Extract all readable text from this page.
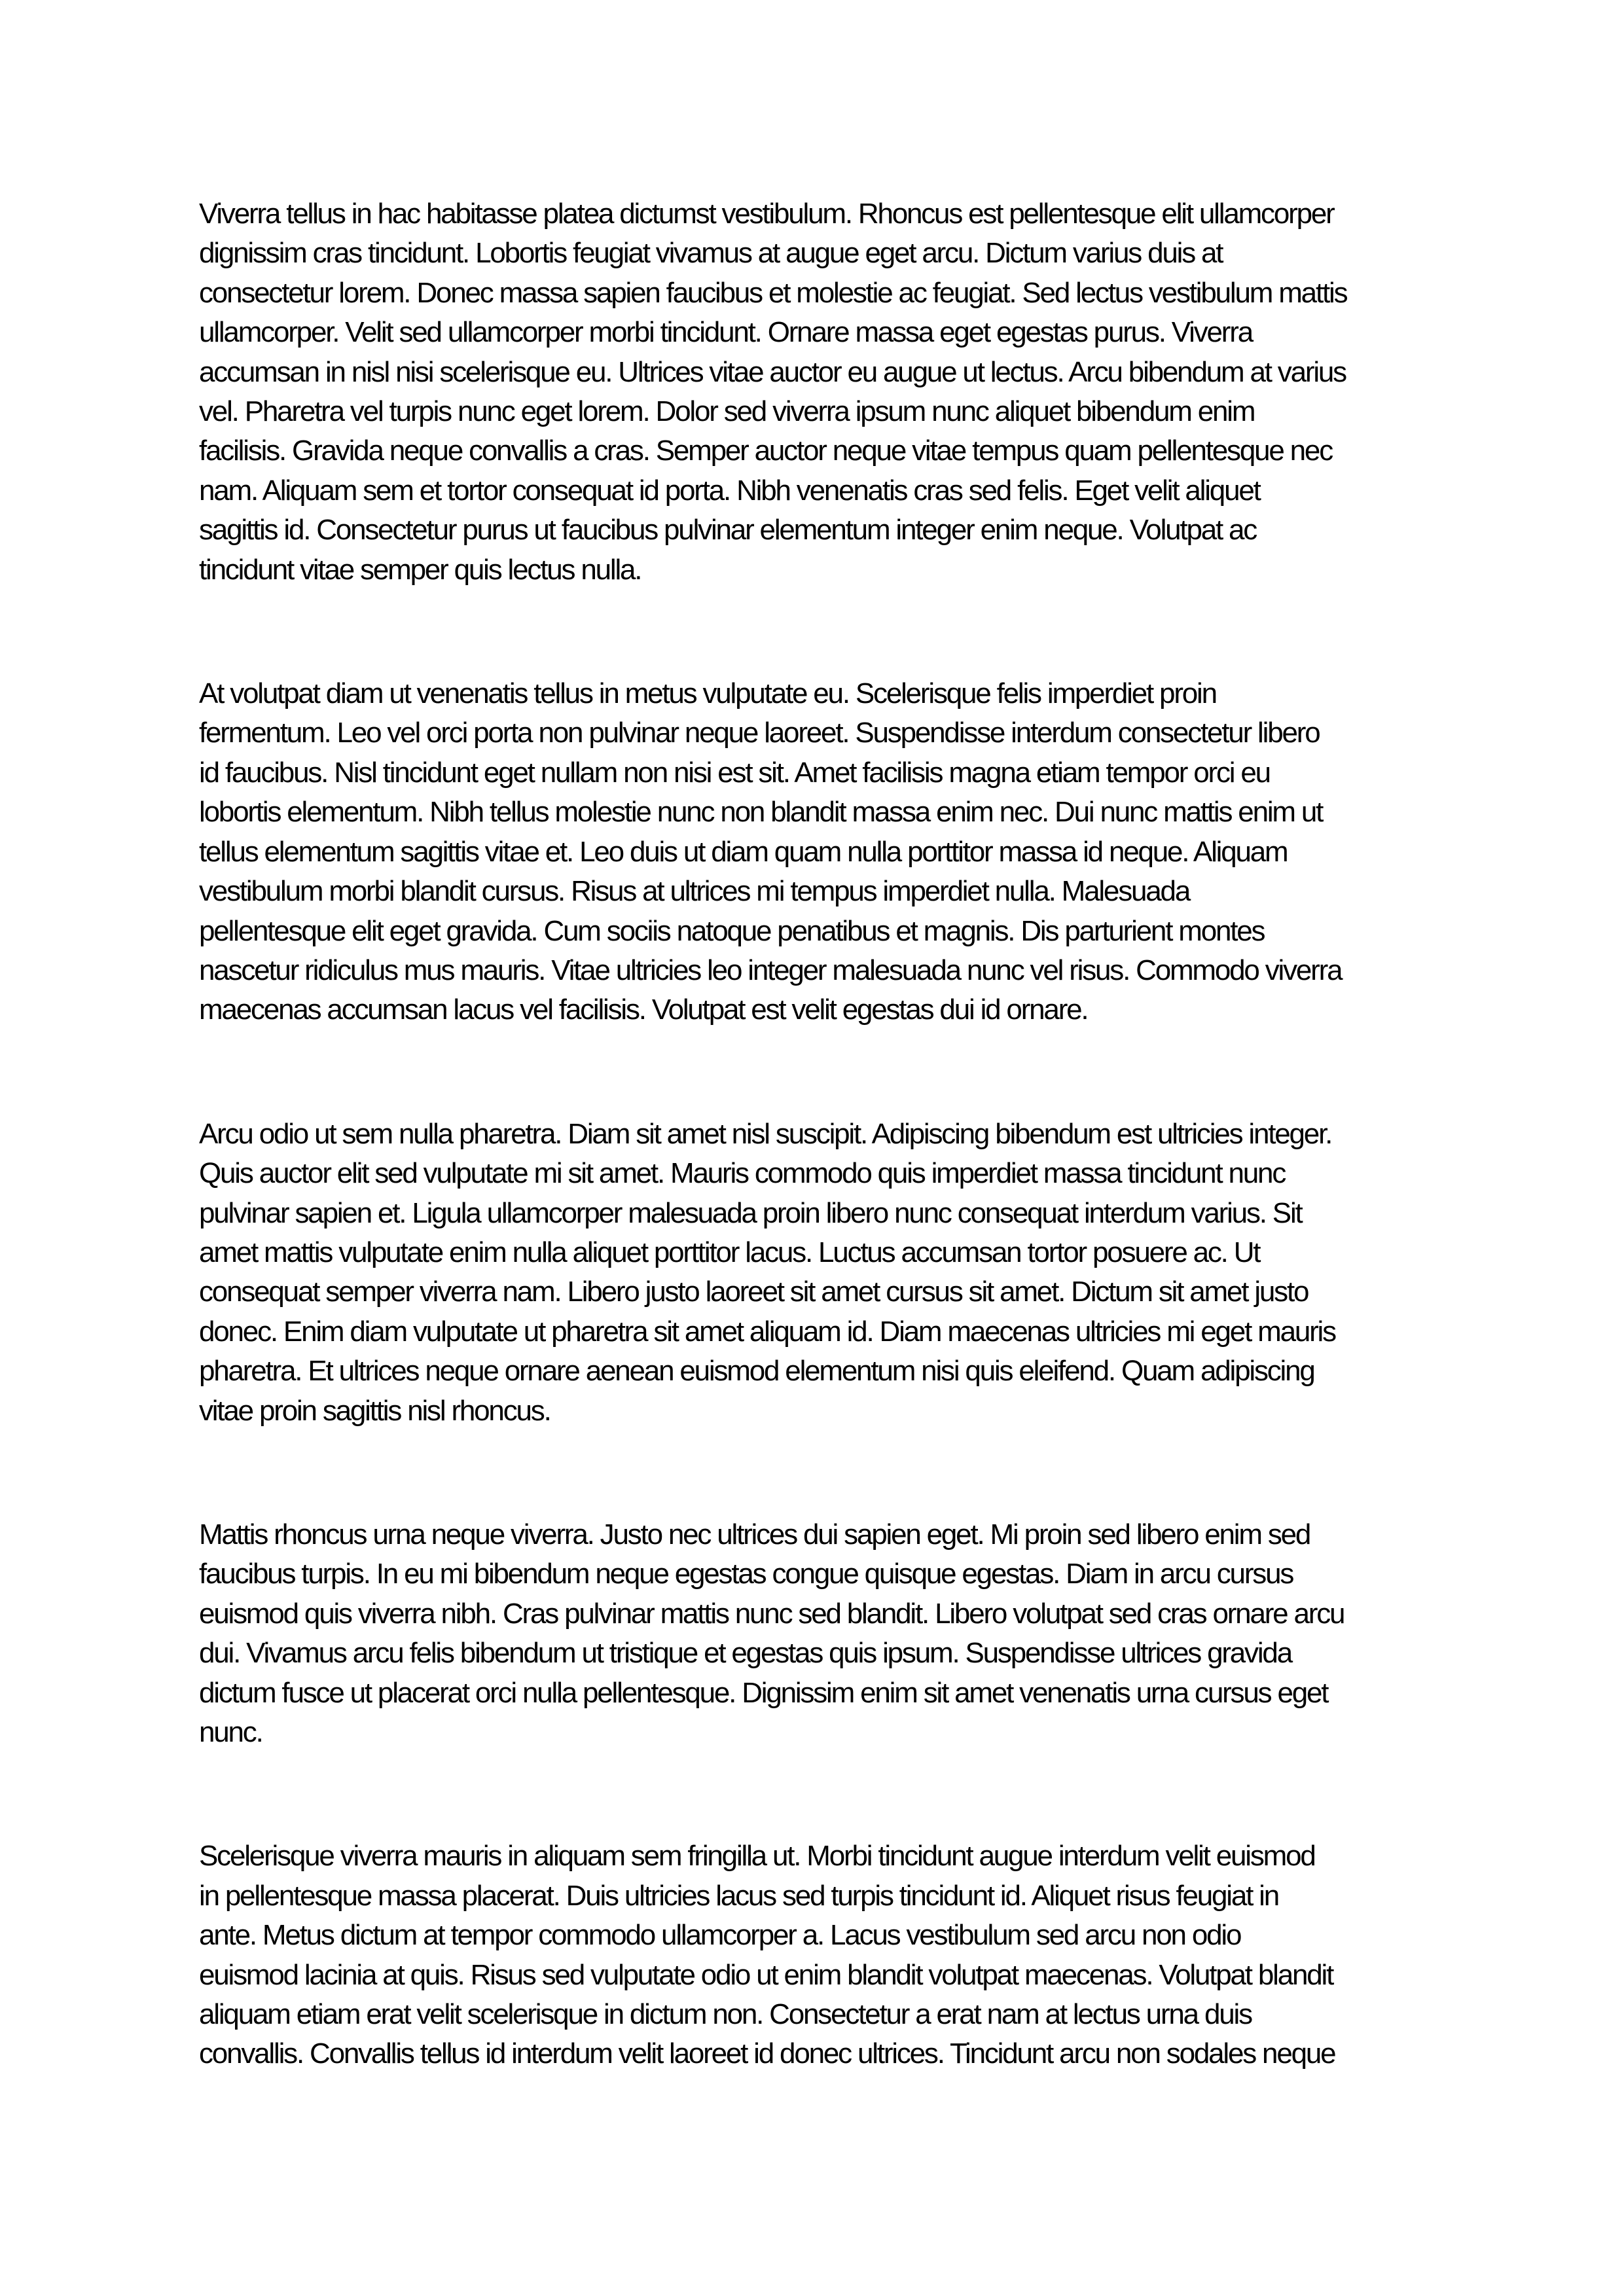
Viverra tellus in hac habitasse platea dictumst vestibulum. Rhoncus est pellentesque elit ullamcorper
dignissim cras tincidunt. Lobortis feugiat vivamus at augue eget arcu. Dictum varius duis at
consectetur lorem. Donec massa sapien faucibus et molestie ac feugiat. Sed lectus vestibulum mattis
ullamcorper. Velit sed ullamcorper morbi tincidunt. Ornare massa eget egestas purus. Viverra
accumsan in nisl nisi scelerisque eu. Ultrices vitae auctor eu augue ut lectus. Arcu bibendum at varius
vel. Pharetra vel turpis nunc eget lorem. Dolor sed viverra ipsum nunc aliquet bibendum enim
facilisis. Gravida neque convallis a cras. Semper auctor neque vitae tempus quam pellentesque nec
nam. Aliquam sem et tortor consequat id porta. Nibh venenatis cras sed felis. Eget velit aliquet
sagittis id. Consectetur purus ut faucibus pulvinar elementum integer enim neque. Volutpat ac
tincidunt vitae semper quis lectus nulla.
At volutpat diam ut venenatis tellus in metus vulputate eu. Scelerisque felis imperdiet proin
fermentum. Leo vel orci porta non pulvinar neque laoreet. Suspendisse interdum consectetur libero
id faucibus. Nisl tincidunt eget nullam non nisi est sit. Amet facilisis magna etiam tempor orci eu
lobortis elementum. Nibh tellus molestie nunc non blandit massa enim nec. Dui nunc mattis enim ut
tellus elementum sagittis vitae et. Leo duis ut diam quam nulla porttitor massa id neque. Aliquam
vestibulum morbi blandit cursus. Risus at ultrices mi tempus imperdiet nulla. Malesuada
pellentesque elit eget gravida. Cum sociis natoque penatibus et magnis. Dis parturient montes
nascetur ridiculus mus mauris. Vitae ultricies leo integer malesuada nunc vel risus. Commodo viverra
maecenas accumsan lacus vel facilisis. Volutpat est velit egestas dui id ornare.
Arcu odio ut sem nulla pharetra. Diam sit amet nisl suscipit. Adipiscing bibendum est ultricies integer.
Quis auctor elit sed vulputate mi sit amet. Mauris commodo quis imperdiet massa tincidunt nunc
pulvinar sapien et. Ligula ullamcorper malesuada proin libero nunc consequat interdum varius. Sit
amet mattis vulputate enim nulla aliquet porttitor lacus. Luctus accumsan tortor posuere ac. Ut
consequat semper viverra nam. Libero justo laoreet sit amet cursus sit amet. Dictum sit amet justo
donec. Enim diam vulputate ut pharetra sit amet aliquam id. Diam maecenas ultricies mi eget mauris
pharetra. Et ultrices neque ornare aenean euismod elementum nisi quis eleifend. Quam adipiscing
vitae proin sagittis nisl rhoncus.
Mattis rhoncus urna neque viverra. Justo nec ultrices dui sapien eget. Mi proin sed libero enim sed
faucibus turpis. In eu mi bibendum neque egestas congue quisque egestas. Diam in arcu cursus
euismod quis viverra nibh. Cras pulvinar mattis nunc sed blandit. Libero volutpat sed cras ornare arcu
dui. Vivamus arcu felis bibendum ut tristique et egestas quis ipsum. Suspendisse ultrices gravida
dictum fusce ut placerat orci nulla pellentesque. Dignissim enim sit amet venenatis urna cursus eget
nunc.
Scelerisque viverra mauris in aliquam sem fringilla ut. Morbi tincidunt augue interdum velit euismod
in pellentesque massa placerat. Duis ultricies lacus sed turpis tincidunt id. Aliquet risus feugiat in
ante. Metus dictum at tempor commodo ullamcorper a. Lacus vestibulum sed arcu non odio
euismod lacinia at quis. Risus sed vulputate odio ut enim blandit volutpat maecenas. Volutpat blandit
aliquam etiam erat velit scelerisque in dictum non. Consectetur a erat nam at lectus urna duis
convallis. Convallis tellus id interdum velit laoreet id donec ultrices. Tincidunt arcu non sodales neque
